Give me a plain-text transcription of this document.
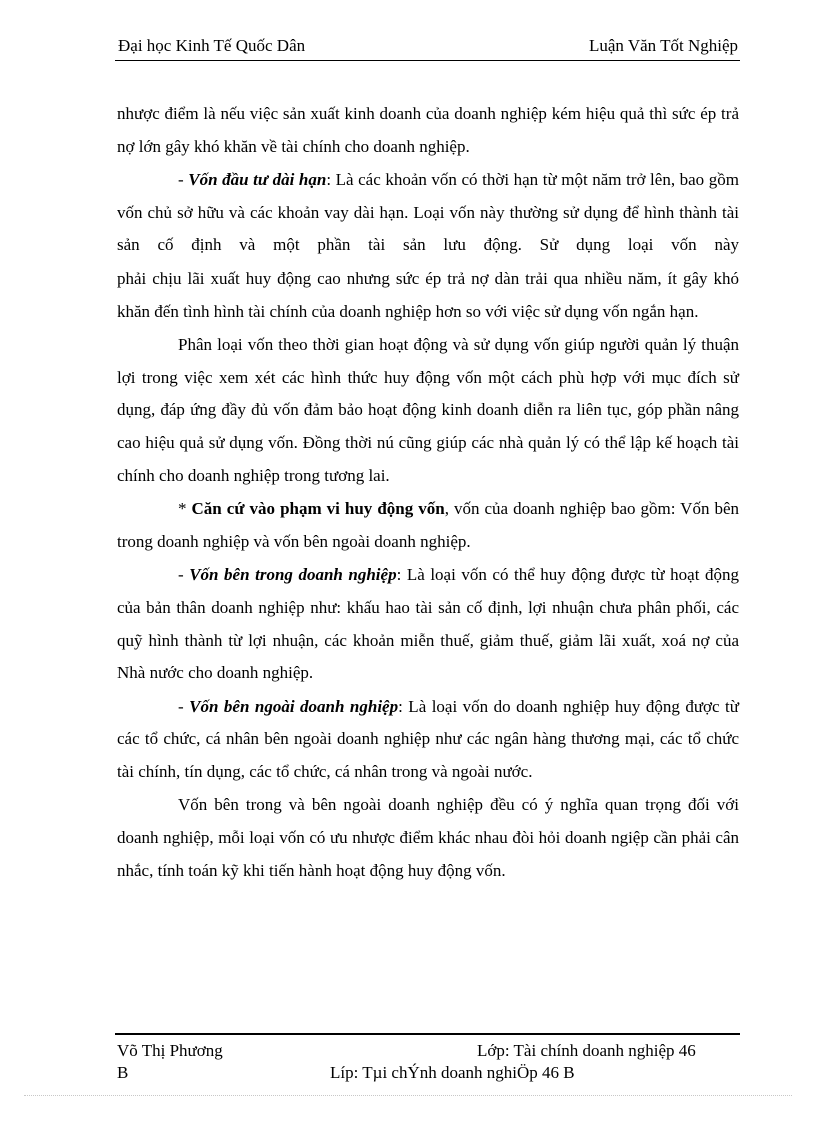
Đại học Kinh Tế Quốc Dân	Luận Văn Tốt Nghiệp

nhược điểm là nếu việc sản xuất kinh doanh của doanh nghiệp kém hiệu quả thì sức ép trả nợ lớn gây khó khăn về tài chính cho doanh nghiệp.

- Vốn đầu tư dài hạn: Là các khoản vốn có thời hạn từ một năm trở lên, bao gồm vốn chủ sở hữu và các khoản vay dài hạn. Loại vốn này thường sử dụng để hình thành tài sản cố định và một phần tài sản lưu động. Sử dụng loại vốn này

phải chịu lãi xuất huy động cao nhưng sức ép trả nợ dàn trải qua nhiều năm, ít gây khó khăn đến tình hình tài chính của doanh nghiệp hơn so với việc sử dụng vốn ngắn hạn.

Phân loại vốn theo thời gian hoạt động và sử dụng vốn giúp người quản lý thuận lợi trong việc xem xét các hình thức huy động vốn một cách phù hợp với mục đích sử dụng, đáp ứng đầy đủ vốn đảm bảo hoạt động kinh doanh diễn ra liên tục, góp phần nâng cao hiệu quả sử dụng vốn. Đồng thời nú cũng giúp các nhà quản lý có thể lập kế hoạch tài chính cho doanh nghiệp trong tương lai.

* Căn cứ vào phạm vi huy động vốn, vốn của doanh nghiệp bao gồm: Vốn bên trong doanh nghiệp và vốn bên ngoài doanh nghiệp.

- Vốn bên trong doanh nghiệp: Là loại vốn có thể huy động được từ hoạt động của bản thân doanh nghiệp như: khấu hao tài sản cố định, lợi nhuận chưa phân phối, các quỹ hình thành từ lợi nhuận, các khoản miễn thuế, giảm thuế, giảm lãi xuất, xoá nợ của Nhà nước cho doanh nghiệp.

- Vốn bên ngoài doanh nghiệp: Là loại vốn do doanh nghiệp huy động được từ các tổ chức, cá nhân bên ngoài doanh nghiệp như các ngân hàng thương mại, các tổ chức tài chính, tín dụng, các tổ chức, cá nhân trong và ngoài nước.

Vốn bên trong và bên ngoài doanh nghiệp đều có ý nghĩa quan trọng đối với doanh nghiệp, mỗi loại vốn có ưu nhược điểm khác nhau đòi hỏi doanh ngiệp cần phải cân nhắc, tính toán kỹ khi tiến hành hoạt động huy động vốn.

Võ Thị Phương	Lớp: Tài chính doanh nghiệp 46
B	Líp: Tµi chÝnh doanh nghiÖp 46 B
